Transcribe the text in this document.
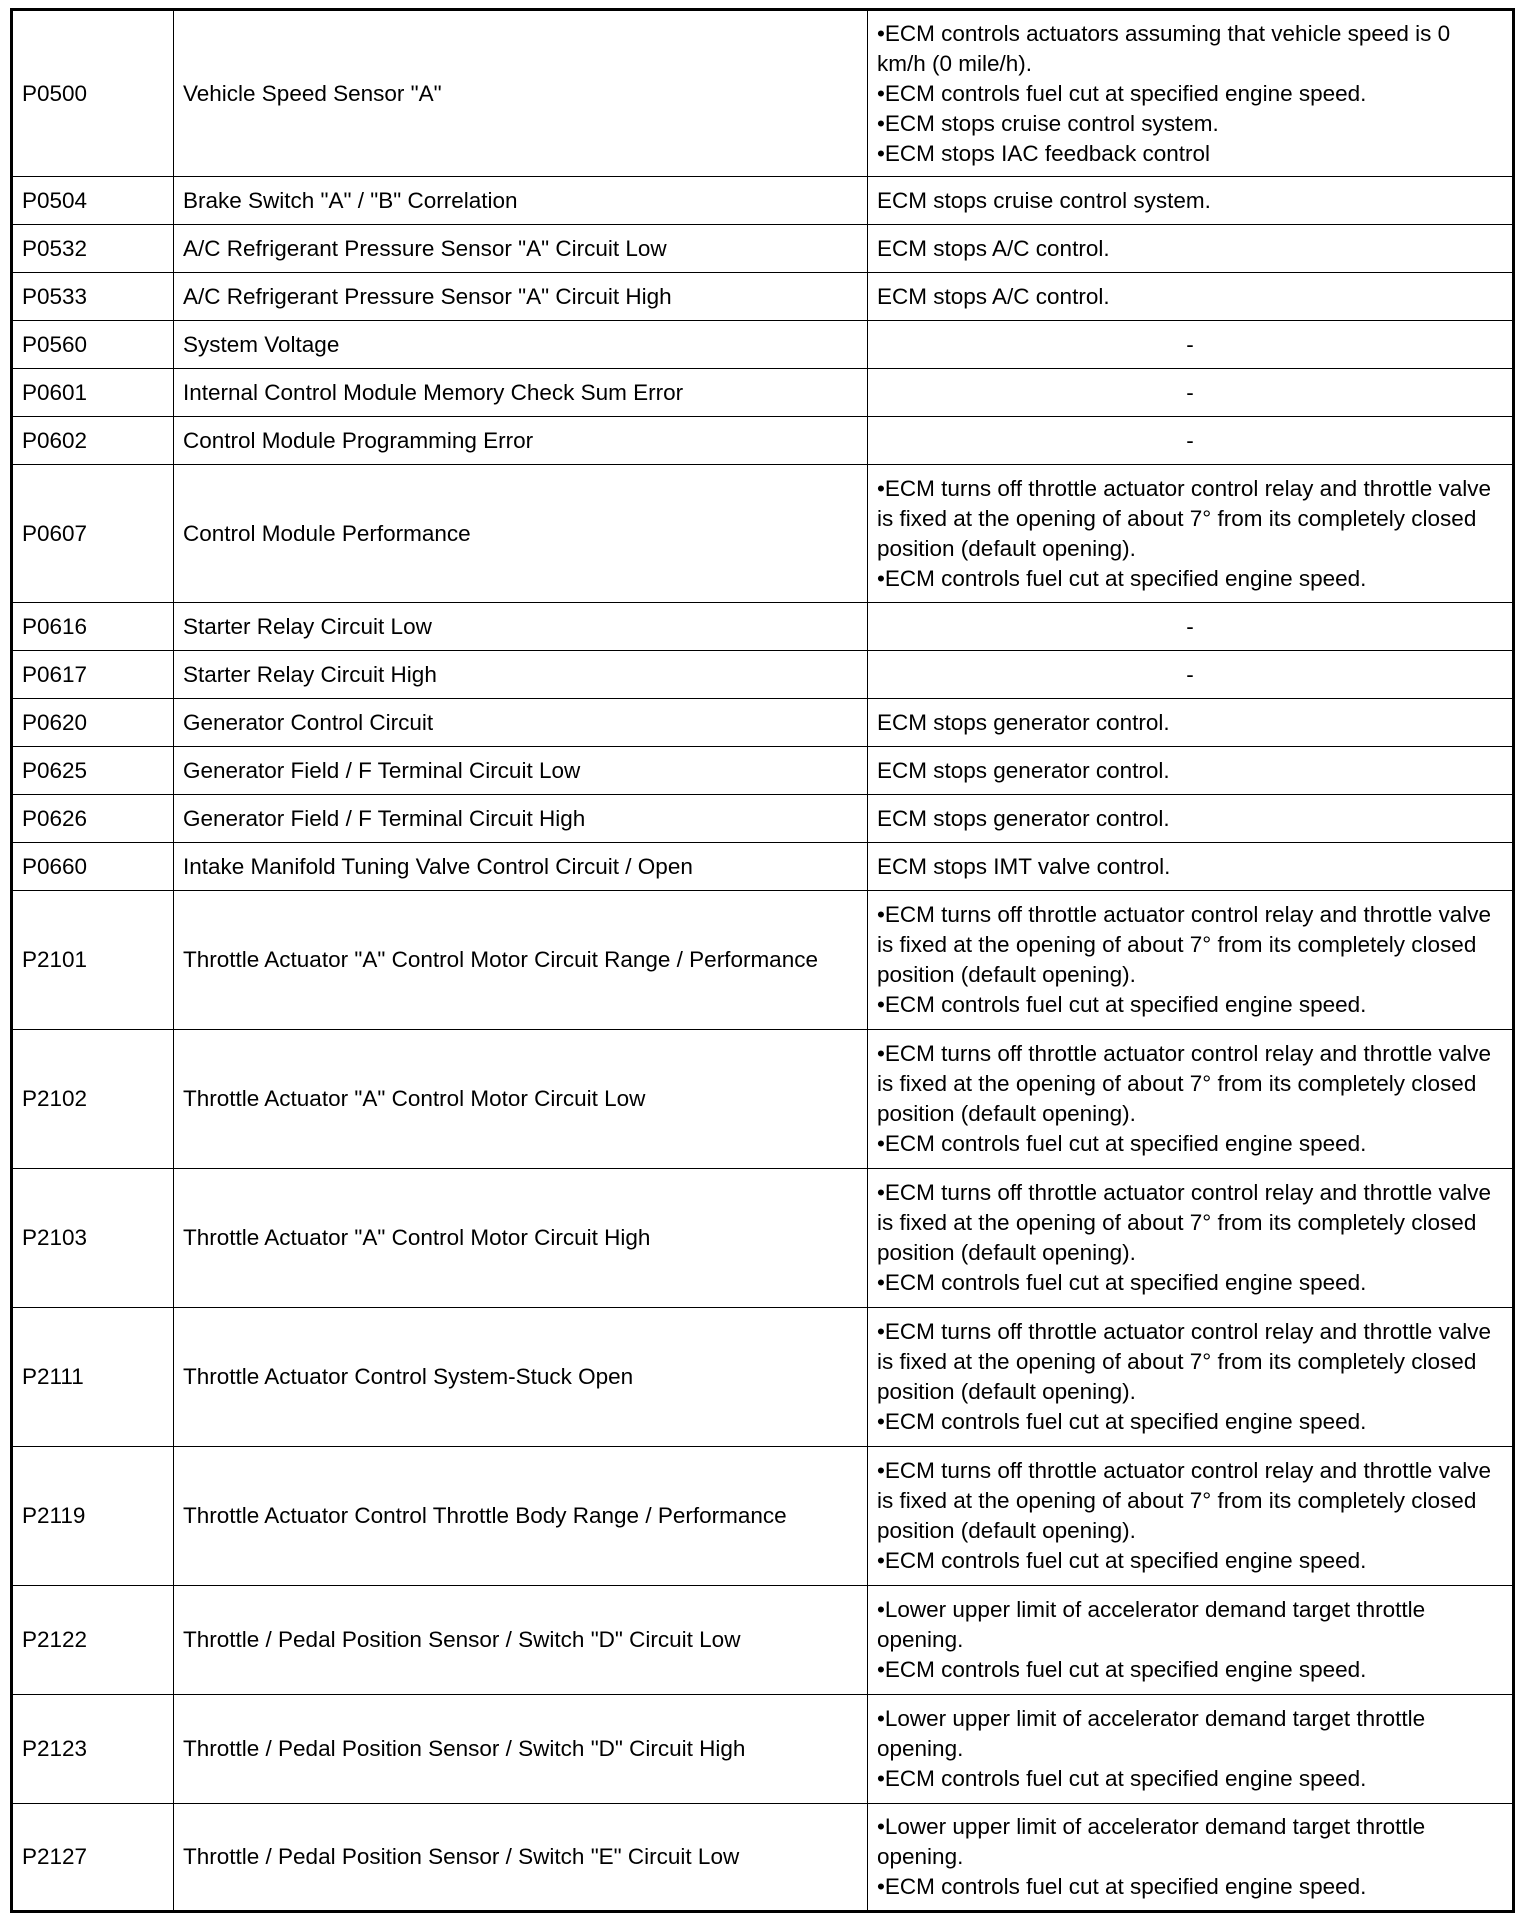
P0500	Vehicle Speed Sensor "A"	•ECM controls actuators assuming that vehicle speed is 0 km/h (0 mile/h).
•ECM controls fuel cut at specified engine speed.
•ECM stops cruise control system.
•ECM stops IAC feedback control

P0504	Brake Switch "A" / "B" Correlation	ECM stops cruise control system.

P0532	A/C Refrigerant Pressure Sensor "A" Circuit Low	ECM stops A/C control.

P0533	A/C Refrigerant Pressure Sensor "A" Circuit High	ECM stops A/C control.

P0560	System Voltage	-

P0601	Internal Control Module Memory Check Sum Error	-

P0602	Control Module Programming Error	-

P0607	Control Module Performance	•ECM turns off throttle actuator control relay and throttle valve is fixed at the opening of about 7° from its completely closed position (default opening).
•ECM controls fuel cut at specified engine speed.

P0616	Starter Relay Circuit Low	-

P0617	Starter Relay Circuit High	-

P0620	Generator Control Circuit	ECM stops generator control.

P0625	Generator Field / F Terminal Circuit Low	ECM stops generator control.

P0626	Generator Field / F Terminal Circuit High	ECM stops generator control.

P0660	Intake Manifold Tuning Valve Control Circuit / Open	ECM stops IMT valve control.

P2101	Throttle Actuator "A" Control Motor Circuit Range / Performance	•ECM turns off throttle actuator control relay and throttle valve is fixed at the opening of about 7° from its completely closed position (default opening).
•ECM controls fuel cut at specified engine speed.

P2102	Throttle Actuator "A" Control Motor Circuit Low	•ECM turns off throttle actuator control relay and throttle valve is fixed at the opening of about 7° from its completely closed position (default opening).
•ECM controls fuel cut at specified engine speed.

P2103	Throttle Actuator "A" Control Motor Circuit High	•ECM turns off throttle actuator control relay and throttle valve is fixed at the opening of about 7° from its completely closed position (default opening).
•ECM controls fuel cut at specified engine speed.

P2111	Throttle Actuator Control System-Stuck Open	•ECM turns off throttle actuator control relay and throttle valve is fixed at the opening of about 7° from its completely closed position (default opening).
•ECM controls fuel cut at specified engine speed.

P2119	Throttle Actuator Control Throttle Body Range / Performance	•ECM turns off throttle actuator control relay and throttle valve is fixed at the opening of about 7° from its completely closed position (default opening).
•ECM controls fuel cut at specified engine speed.

P2122	Throttle / Pedal Position Sensor / Switch "D" Circuit Low	•Lower upper limit of accelerator demand target throttle opening.
•ECM controls fuel cut at specified engine speed.

P2123	Throttle / Pedal Position Sensor / Switch "D" Circuit High	•Lower upper limit of accelerator demand target throttle opening.
•ECM controls fuel cut at specified engine speed.

P2127	Throttle / Pedal Position Sensor / Switch "E" Circuit Low	•Lower upper limit of accelerator demand target throttle opening.
•ECM controls fuel cut at specified engine speed.
